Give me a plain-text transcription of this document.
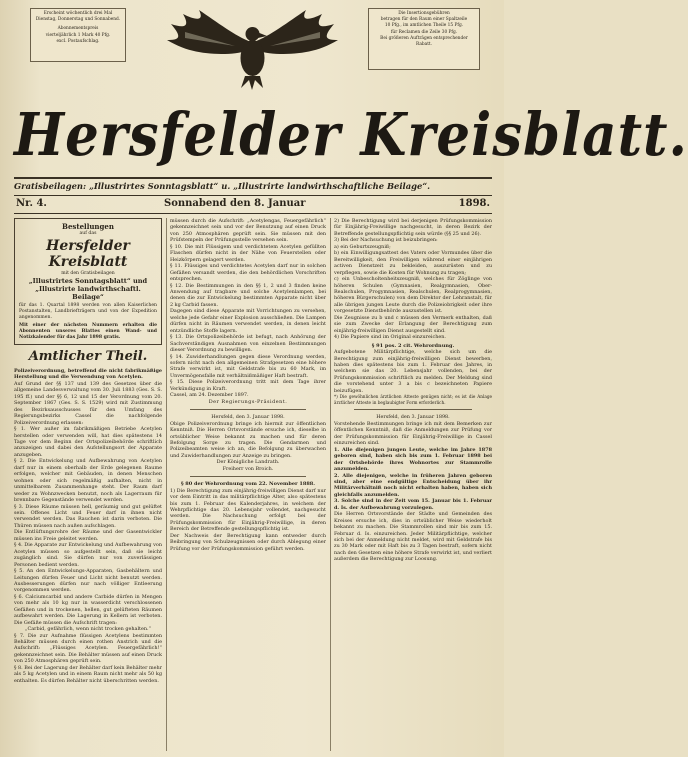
Erscheint wöchentlich drei Mal

Dienstag, Donnerstag und Sonnabend.

Abonnementspreis

vierteljährlich 1 Mark 40 Pfg.

excl. Postaufschlag.

Die Insertionsgebühren

betragen für den Raum einer Spaltzeile

10 Pfg., im amtlichen Theile 15 Pfg.

für Reclamen die Zeile 30 Pfg.

Bei größeren Aufträgen entsprechender

Rabatt.

Hersfelder Kreisblatt.
Gratisbeilagen: „Illustrirtes Sonntagsblatt“ u. „Illustrirte landwirthschaftliche Beilage“.
Nr. 4.	Sonnabend den 8. Januar	1898.
Bestellungen
auf das
Hersfelder Kreisblatt
mit den Gratisbeilagen
„Illustrirtes Sonntagsblatt“ und
„Illustrirte landwirthschaftl. Beilage“
für das 1. Quartal 1898 werden von allen Kaiserlichen Postanstalten, Landbriefträgern und von der Expedition angenommen.
Mit einer der nächsten Nummern erhalten die Abonnenten unseres Blattes einen Wand- und Notizkalender für das Jahr 1898 gratis.
Amtlicher Theil.

Polizeiverordnung, betreffend die nicht fabrikmäßige Herstellung und die Verwendung von Acetylen.

Auf Grund der §§ 137 und 139 des Gesetzes über die allgemeine Landesverwaltung vom 30. Juli 1883 (Ges. S. S. 195 ff.) und der §§ 6, 12 und 15 der Verordnung vom 20. September 1867 (Ges. S. S. 1529) wird mit Zustimmung des Bezirksausschusses für den Umfang des Regierungsbezirks Cassel die nachfolgende Polizeiverordnung erlassen:

§ 1. Wer außer im fabrikmäßigen Betriebe Acetylen herstellen oder verwenden will, hat dies spätestens 14 Tage vor dem Beginn der Ortspolizeibehörde schriftlich anzuzeigen und dabei den Aufstellungsort der Apparate anzugeben.

§ 2. Die Entwickelung und Aufbewahrung von Acetylen darf nur in einem oberhalb der Erde gelegenen Raume erfolgen, welcher mit Gebäuden, in denen Menschen wohnen oder sich regelmäßig aufhalten, nicht in unmittelbarem Zusammenhange steht. Der Raum darf weder zu Wohnzwecken benutzt, noch als Lagerraum für brennbare Gegenstände verwendet werden.

§ 3. Diese Räume müssen hell, geräumig und gut gelüftet sein. Offenes Licht und Feuer darf in ihnen nicht verwendet werden. Das Rauchen ist darin verboten. Die Thüren müssen nach außen aufschlagen.

Die Entlüftungsrohre der Räume und der Gasentwickler müssen ins Freie geleitet werden.

§ 4. Die Apparate zur Entwickelung und Aufbewahrung von Acetylen müssen so aufgestellt sein, daß sie leicht zugänglich sind. Sie dürfen nur von zuverlässigen Personen bedient werden.

§ 5. An den Entwickelungs-Apparaten, Gasbehältern und Leitungen dürfen Feuer und Licht nicht benutzt werden. Ausbesserungen dürfen nur nach völliger Entleerung vorgenommen werden.

§ 6. Calciumcarbid und andere Carbide dürfen in Mengen von mehr als 10 kg nur in wasserdicht verschlossenen Gefäßen und in trockenen, hellen, gut gelüfteten Räumen aufbewahrt werden. Die Lagerung in Kellern ist verboten. Die Gefäße müssen die Aufschrift tragen:

„Carbid, gefährlich, wenn nicht trocken gehalten.“

§ 7. Die zur Aufnahme flüssigen Acetylens bestimmten Behälter müssen durch einen rothen Anstrich und die Aufschrift: „Flüssiges Acetylen. Feuergefährlich!“ gekennzeichnet sein. Die Behälter müssen auf einen Druck von 250 Atmosphären geprüft sein.

§ 8. Bei der Lagerung der Behälter darf kein Behälter mehr als 5 kg Acetylen und in einem Raum nicht mehr als 50 kg enthalten. Es dürfen Behälter nicht überschritten werden.

müssen durch die Aufschrift: „Acetylengas, Feuergefährlich“ gekennzeichnet sein und vor der Benutzung auf einen Druck von 250 Atmosphären geprüft sein. Sie müssen mit den Prüfstempeln der Prüfungsstelle versehen sein.

§ 10. Die mit Flüssigem und verdichtetem Acetylen gefüllten Flaschen dürfen nicht in der Nähe von Feuerstellen oder Heizkörpern gelagert werden.

§ 11. Flüssiges und verdichtetes Acetylen darf nur in solchen Gefäßen versandt werden, die den behördlichen Vorschriften entsprechen.

§ 12. Die Bestimmungen in den §§ 1, 2 und 3 finden keine Anwendung auf tragbare und solche Acetylenlampen, bei denen die zur Entwickelung bestimmten Apparate nicht über 2 kg Carbid fassen.

Dagegen sind diese Apparate mit Vorrichtungen zu versehen, welche jede Gefahr einer Explosion ausschließen. Die Lampen dürfen nicht in Räumen verwendet werden, in denen leicht entzündliche Stoffe lagern.

§ 13. Die Ortspolizeibehörde ist befugt, nach Anhörung der Sachverständigen Ausnahmen von einzelnen Bestimmungen dieser Verordnung zu bewilligen.

§ 14. Zuwiderhandlungen gegen diese Verordnung werden, sofern nicht nach den allgemeinen Strafgesetzen eine höhere Strafe verwirkt ist, mit Geldstrafe bis zu 60 Mark, im Unvermögensfalle mit verhältnißmäßiger Haft bestraft.

§ 15. Diese Polizeiverordnung tritt mit dem Tage ihrer Verkündigung in Kraft.

Cassel, am 24. Dezember 1897.

Der Regierungs-Präsident.

Hersfeld, den 3. Januar 1898.

Obige Polizeiverordnung bringe ich hiermit zur öffentlichen Kenntniß. Die Herren Ortsvorstände ersuche ich, dieselbe in ortsüblicher Weise bekannt zu machen und für deren Befolgung Sorge zu tragen. Die Gendarmen und Polizeibeamten weise ich an, die Befolgung zu überwachen und Zuwiderhandlungen zur Anzeige zu bringen.

Der Königliche Landrath.

Freiherr von Broich.

§ 80 der Wehrordnung vom 22. November 1888.

1) Die Berechtigung zum einjährig-freiwilligen Dienst darf nur vor dem Eintritt in das militärpflichtige Alter, also spätestens bis zum 1. Februar des Kalenderjahres, in welchem der Wehrpflichtige das 20. Lebensjahr vollendet, nachgesucht werden. Die Nachsuchung erfolgt bei der Prüfungskommission für Einjährig-Freiwillige, in deren Bereich der Betreffende gestellungspflichtig ist.

Der Nachweis der Berechtigung kann entweder durch Beibringung von Schulzeugnissen oder durch Ablegung einer Prüfung vor der Prüfungskommission geführt werden.

2) Die Berechtigung wird bei derjenigen Prüfungskommission für Einjährig-Freiwillige nachgesucht, in deren Bezirk der Betreffende gestellungspflichtig sein würde (§§ 25 und 26).

3) Bei der Nachsuchung ist beizubringen:

a) ein Geburtszeugniß;

b) ein Einwilligungsattest des Vaters oder Vormundes über die Bereitwilligkeit, den Freiwilligen während einer einjährigen activen Dienstzeit zu bekleiden, auszurüsten und zu verpflegen, sowie die Kosten für Wohnung zu tragen;

c) ein Unbescholtenheitszeugniß, welches für Zöglinge von höheren Schulen (Gymnasien, Realgymnasien, Ober-Realschulen, Progymnasien, Realschulen, Realprogymnasien, höheren Bürgerschulen) von dem Direktor der Lehranstalt, für alle übrigen jungen Leute durch die Polizeiobrigkeit oder ihre vorgesetzte Dienstbehörde auszustellen ist.

Die Zeugnisse zu b und c müssen den Vermerk enthalten, daß sie zum Zwecke der Erlangung der Berechtigung zum einjährig-freiwilligen Dienst ausgestellt sind.

4) Die Papiere sind im Original einzureichen.

§ 91 pos. 2 cit. Wehrordnung.

Aufgebotene Militärpflichtige, welche sich um die Berechtigung zum einjährig-freiwilligen Dienst bewerben, haben dies spätestens bis zum 1. Februar des Jahres, in welchem sie das 20. Lebensjahr vollenden, bei der Prüfungskommission schriftlich zu melden. Der Meldung sind die vorstehend unter 3 a bis c bezeichneten Papiere beizufügen.

*) Die gewöhnlichen ärztlichen Atteste genügen nicht; es ist die Anlage ärztlicher Atteste in beglaubigter Form erforderlich.

Hersfeld, den 3. Januar 1898.

Vorstehende Bestimmungen bringe ich mit dem Bemerken zur öffentlichen Kenntniß, daß die Anmeldungen zur Prüfung vor der Prüfungskommission für Einjährig-Freiwillige in Cassel einzureichen sind.

1. Alle diejenigen jungen Leute, welche im Jahre 1878 geboren sind, haben sich bis zum 1. Februar 1898 bei der Ortsbehörde ihres Wohnortes zur Stammrolle anzumelden.

2. Alle diejenigen, welche in früheren Jahren geboren sind, aber eine endgültige Entscheidung über ihr Militärverhältniß noch nicht erhalten haben, haben sich gleichfalls anzumelden.

3. Solche sind in der Zeit vom 15. Januar bis 1. Februar d. Is. der Aufbewahrung vorzulegen.

Die Herren Ortsvorstände der Städte und Gemeinden des Kreises ersuche ich, dies in ortsüblicher Weise wiederholt bekannt zu machen. Die Stammrollen sind mir bis zum 15. Februar d. Is. einzureichen. Jeder Militärpflichtige, welcher sich bei der Anmeldung nicht meldet, wird mit Geldstrafe bis zu 30 Mark oder mit Haft bis zu 3 Tagen bestraft, sofern nicht nach den Gesetzen eine höhere Strafe verwirkt ist, und verliert außerdem die Berechtigung zur Loosung.
